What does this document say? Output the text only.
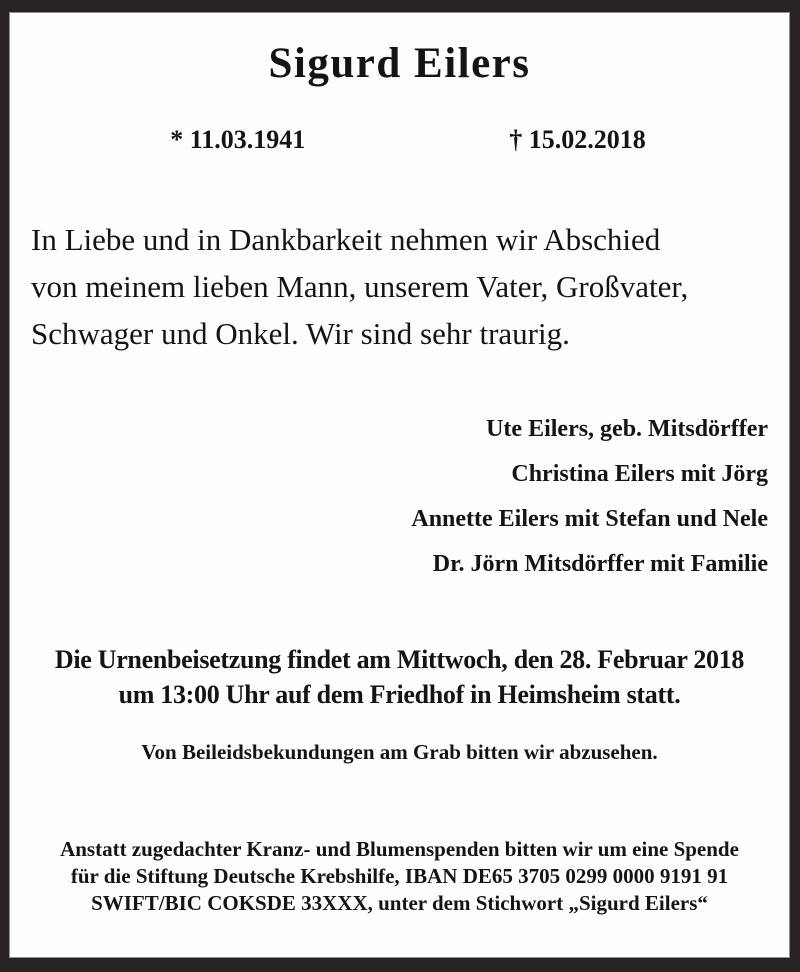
Sigurd Eilers
* 11.03.1941	† 15.02.2018
In Liebe und in Dankbarkeit nehmen wir Abschied
von meinem lieben Mann, unserem Vater, Großvater,
Schwager und Onkel. Wir sind sehr traurig.
Ute Eilers, geb. Mitsdörffer
Christina Eilers mit Jörg
Annette Eilers mit Stefan und Nele
Dr. Jörn Mitsdörffer mit Familie
Die Urnenbeisetzung findet am Mittwoch, den 28. Februar 2018
um 13:00 Uhr auf dem Friedhof in Heimsheim statt.
Von Beileidsbekundungen am Grab bitten wir abzusehen.
Anstatt zugedachter Kranz- und Blumenspenden bitten wir um eine Spende
für die Stiftung Deutsche Krebshilfe, IBAN DE65 3705 0299 0000 9191 91
SWIFT/BIC COKSDE 33XXX, unter dem Stichwort „Sigurd Eilers“
